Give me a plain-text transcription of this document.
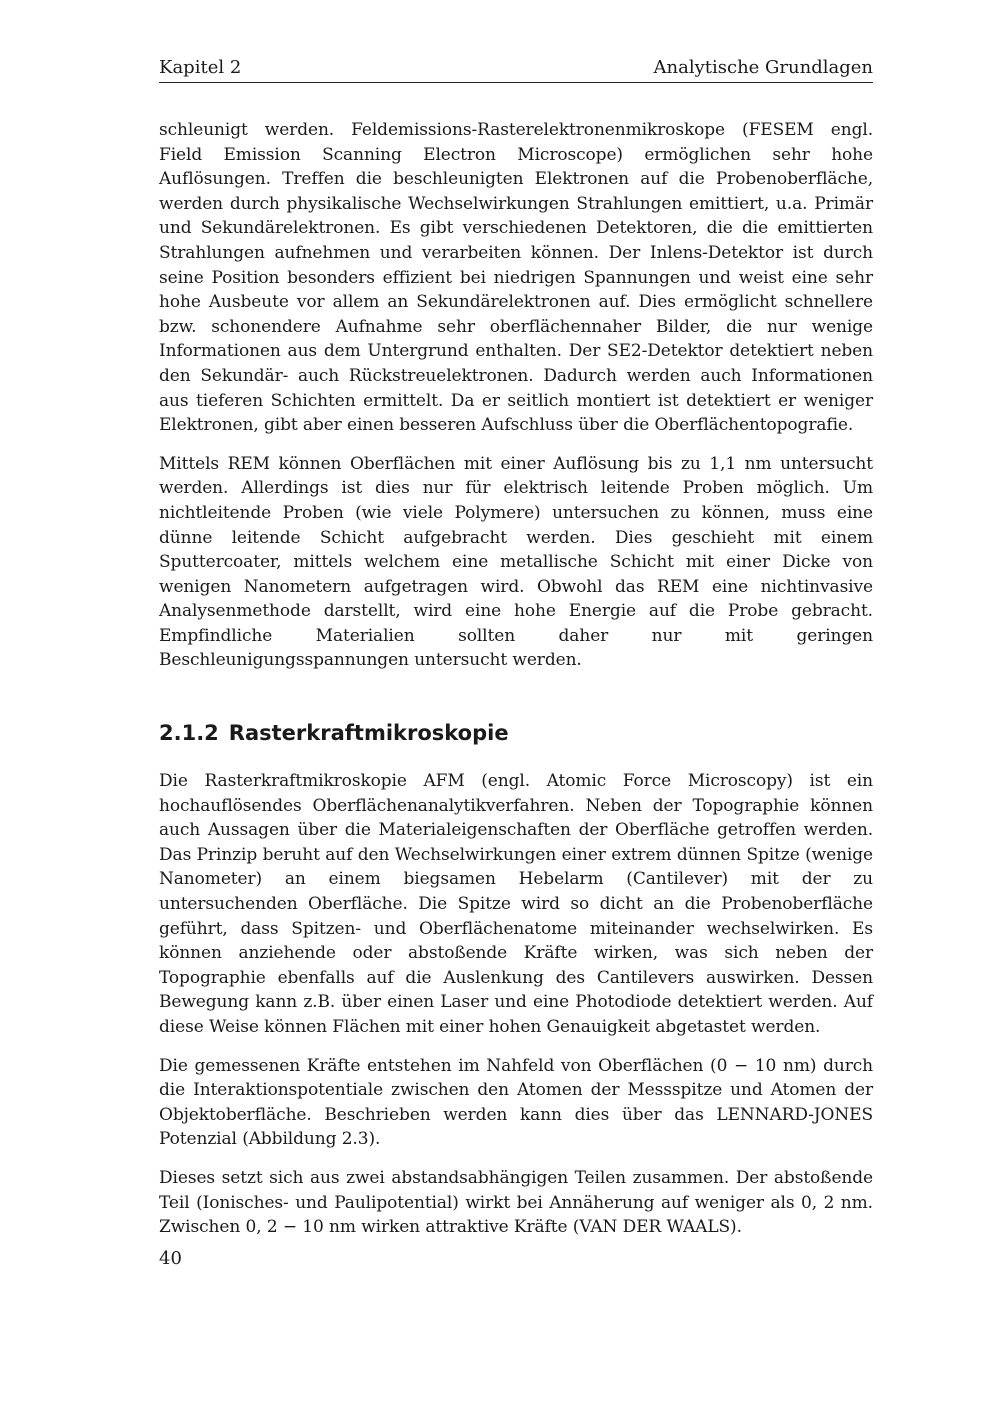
Kapitel 2	Analytische Grundlagen

schleunigt werden. Feldemissions-Rasterelektronenmikroskope (FESEM engl. Field Emission Scanning Electron Microscope) ermöglichen sehr hohe Auflösungen. Treffen die beschleunigten Elektronen auf die Probenoberfläche, werden durch physikalische Wechselwirkungen Strahlungen emittiert, u.a. Primär und Sekundärelektronen. Es gibt verschiedenen Detektoren, die die emittierten Strahlungen aufnehmen und verarbeiten können. Der Inlens-Detektor ist durch seine Position besonders effizient bei niedrigen Spannungen und weist eine sehr hohe Ausbeute vor allem an Sekundärelektronen auf. Dies ermöglicht schnellere bzw. schonendere Aufnahme sehr oberflächennaher Bilder, die nur wenige Informationen aus dem Untergrund enthalten. Der SE2-Detektor detektiert neben den Sekundär- auch Rückstreuelektronen. Dadurch werden auch Informationen aus tieferen Schichten ermittelt. Da er seitlich montiert ist detektiert er weniger Elektronen, gibt aber einen besseren Aufschluss über die Oberflächentopografie.

Mittels REM können Oberflächen mit einer Auflösung bis zu 1,1 nm untersucht werden. Allerdings ist dies nur für elektrisch leitende Proben möglich. Um nichtleitende Proben (wie viele Polymere) untersuchen zu können, muss eine dünne leitende Schicht aufgebracht werden. Dies geschieht mit einem Sputtercoater, mittels welchem eine metallische Schicht mit einer Dicke von wenigen Nanometern aufgetragen wird. Obwohl das REM eine nichtinvasive Analysenmethode darstellt, wird eine hohe Energie auf die Probe gebracht. Empfindliche Materialien sollten daher nur mit geringen Beschleunigungsspannungen untersucht werden.

2.1.2 Rasterkraftmikroskopie

Die Rasterkraftmikroskopie AFM (engl. Atomic Force Microscopy) ist ein hochauflösendes Oberflächenanalytikverfahren. Neben der Topographie können auch Aussagen über die Materialeigenschaften der Oberfläche getroffen werden. Das Prinzip beruht auf den Wechselwirkungen einer extrem dünnen Spitze (wenige Nanometer) an einem biegsamen Hebelarm (Cantilever) mit der zu untersuchenden Oberfläche. Die Spitze wird so dicht an die Probenoberfläche geführt, dass Spitzen- und Oberflächenatome miteinander wechselwirken. Es können anziehende oder abstoßende Kräfte wirken, was sich neben der Topographie ebenfalls auf die Auslenkung des Cantilevers auswirken. Dessen Bewegung kann z.B. über einen Laser und eine Photodiode detektiert werden. Auf diese Weise können Flächen mit einer hohen Genauigkeit abgetastet werden.

Die gemessenen Kräfte entstehen im Nahfeld von Oberflächen (0 − 10 nm) durch die Interaktionspotentiale zwischen den Atomen der Messspitze und Atomen der Objektoberfläche. Beschrieben werden kann dies über das LENNARD-JONES Potenzial (Abbildung 2.3).

Dieses setzt sich aus zwei abstandsabhängigen Teilen zusammen. Der abstoßende Teil (Ionisches- und Paulipotential) wirkt bei Annäherung auf weniger als 0, 2 nm. Zwischen 0, 2 − 10 nm wirken attraktive Kräfte (VAN DER WAALS).

40
